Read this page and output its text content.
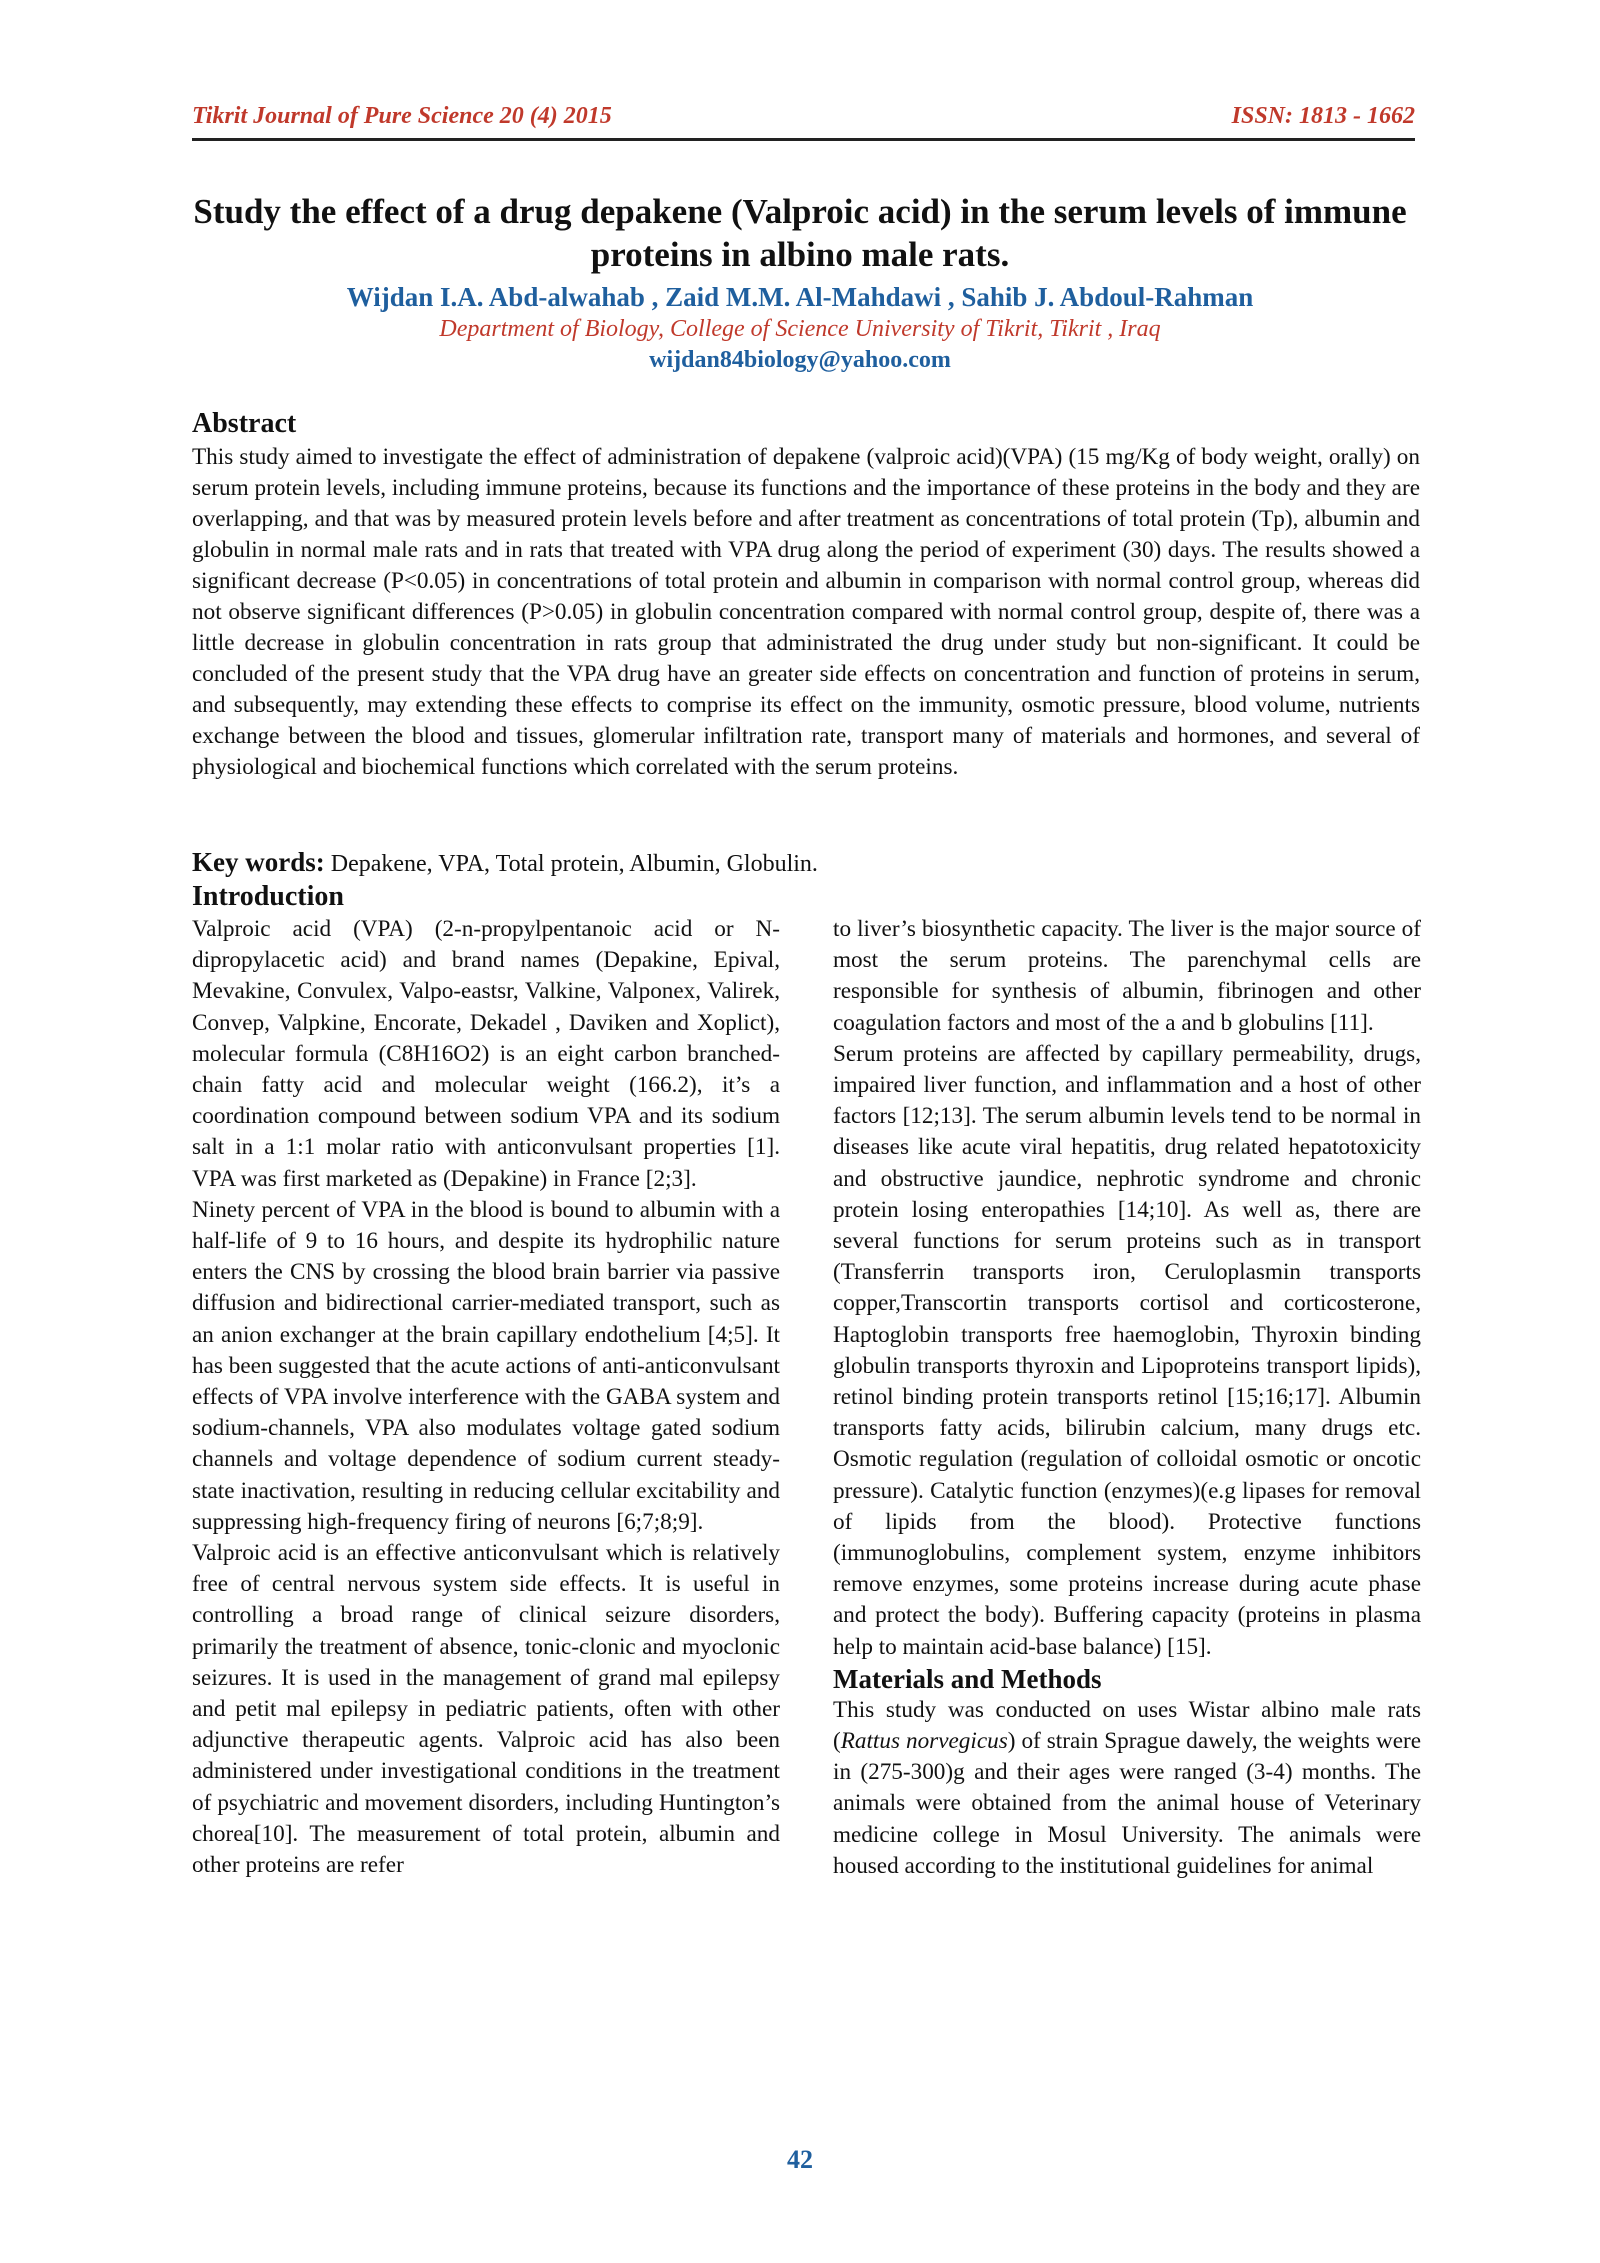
Tikrit Journal of Pure Science 20 (4) 2015	ISSN: 1813 - 1662
Study the effect of a drug depakene (Valproic acid) in the serum levels of immune proteins in albino male rats.
Wijdan I.A. Abd-alwahab , Zaid M.M. Al-Mahdawi , Sahib J. Abdoul-Rahman
Department of Biology, College of Science University of Tikrit, Tikrit , Iraq
wijdan84biology@yahoo.com
Abstract

This study aimed to investigate the effect of administration of depakene (valproic acid)(VPA) (15 mg/Kg of body weight, orally) on serum protein levels, including immune proteins, because its functions and the importance of these proteins in the body and they are overlapping, and that was by measured protein levels before and after treatment as concentrations of total protein (Tp), albumin and globulin in normal male rats and in rats that treated with VPA drug along the period of experiment (30) days. The results showed a significant decrease (P<0.05) in concentrations of total protein and albumin in comparison with normal control group, whereas did not observe significant differences (P>0.05) in globulin concentration compared with normal control group, despite of, there was a little decrease in globulin concentration in rats group that administrated the drug under study but non-significant. It could be concluded of the present study that the VPA drug have an greater side effects on concentration and function of proteins in serum, and subsequently, may extending these effects to comprise its effect on the immunity, osmotic pressure, blood volume, nutrients exchange between the blood and tissues, glomerular infiltration rate, transport many of materials and hormones, and several of physiological and biochemical functions which correlated with the serum proteins.

Key words: Depakene, VPA, Total protein, Albumin, Globulin.
Introduction

Valproic acid (VPA) (2-n-propylpentanoic acid or N-dipropylacetic acid) and brand names (Depakine, Epival, Mevakine, Convulex, Valpo-eastsr, Valkine, Valponex, Valirek, Convep, Valpkine, Encorate, Dekadel , Daviken and Xoplict), molecular formula (C8H16O2) is an eight carbon branched-chain fatty acid and molecular weight (166.2), it’s a coordination compound between sodium VPA and its sodium salt in a 1:1 molar ratio with anticonvulsant properties [1]. VPA was first marketed as (Depakine) in France [2;3].

Ninety percent of VPA in the blood is bound to albumin with a half-life of 9 to 16 hours, and despite its hydrophilic nature enters the CNS by crossing the blood brain barrier via passive diffusion and bidirectional carrier-mediated transport, such as an anion exchanger at the brain capillary endothelium [4;5]. It has been suggested that the acute actions of anti-anticonvulsant effects of VPA involve interference with the GABA system and sodium-channels, VPA also modulates voltage gated sodium channels and voltage dependence of sodium current steady-state inactivation, resulting in reducing cellular excitability and suppressing high-frequency firing of neurons [6;7;8;9].

Valproic acid is an effective anticonvulsant which is relatively free of central nervous system side effects. It is useful in controlling a broad range of clinical seizure disorders, primarily the treatment of absence, tonic-clonic and myoclonic seizures. It is used in the management of grand mal epilepsy and petit mal epilepsy in pediatric patients, often with other adjunctive therapeutic agents. Valproic acid has also been administered under investigational conditions in the treatment of psychiatric and movement disorders, including Huntington’s chorea[10]. The measurement of total protein, albumin and other proteins are refer

to liver’s biosynthetic capacity. The liver is the major source of most the serum proteins. The parenchymal cells are responsible for synthesis of albumin, fibrinogen and other coagulation factors and most of the a and b globulins [11].

Serum proteins are affected by capillary permeability, drugs, impaired liver function, and inflammation and a host of other factors [12;13]. The serum albumin levels tend to be normal in diseases like acute viral hepatitis, drug related hepatotoxicity and obstructive jaundice, nephrotic syndrome and chronic protein losing enteropathies [14;10]. As well as, there are several functions for serum proteins such as in transport (Transferrin transports iron, Ceruloplasmin transports copper,Transcortin transports cortisol and corticosterone, Haptoglobin transports free haemoglobin, Thyroxin binding globulin transports thyroxin and Lipoproteins transport lipids), retinol binding protein transports retinol [15;16;17]. Albumin transports fatty acids, bilirubin calcium, many drugs etc. Osmotic regulation (regulation of colloidal osmotic or oncotic pressure). Catalytic function (enzymes)(e.g lipases for removal of lipids from the blood). Protective functions (immunoglobulins, complement system, enzyme inhibitors remove enzymes, some proteins increase during acute phase and protect the body). Buffering capacity (proteins in plasma help to maintain acid-base balance) [15].

Materials and Methods

This study was conducted on uses Wistar albino male rats (Rattus norvegicus) of strain Sprague dawely, the weights were in (275-300)g and their ages were ranged (3-4) months. The animals were obtained from the animal house of Veterinary medicine college in Mosul University. The animals were housed according to the institutional guidelines for animal

42
